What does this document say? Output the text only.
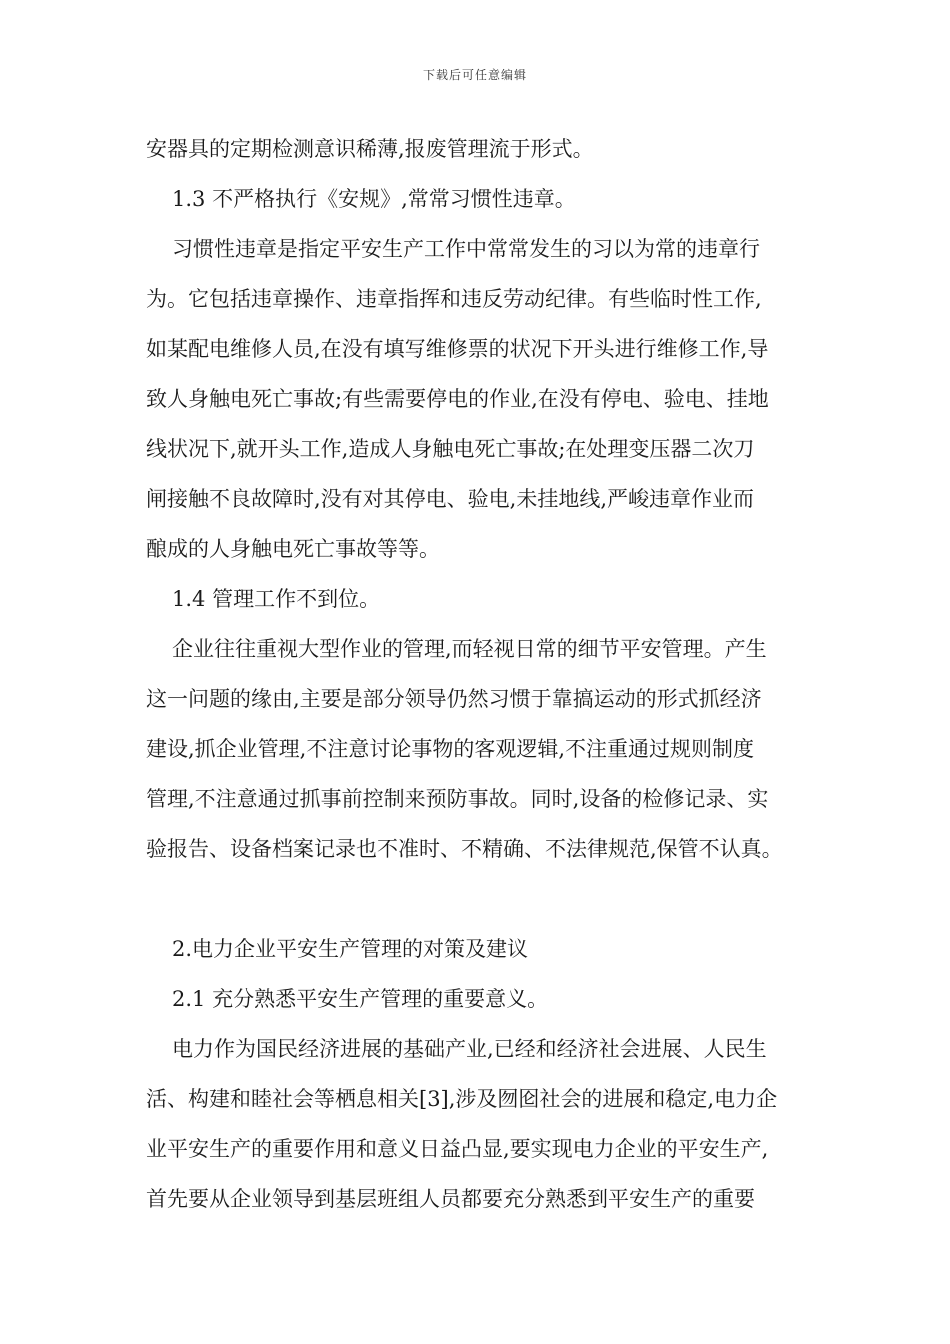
下载后可任意编辑
安器具的定期检测意识稀薄,报废管理流于形式。
1.3 不严格执行《安规》,常常习惯性违章。
习惯性违章是指定平安生产工作中常常发生的习以为常的违章行
为。它包括违章操作、违章指挥和违反劳动纪律。有些临时性工作,
如某配电维修人员,在没有填写维修票的状况下开头进行维修工作,导
致人身触电死亡事故;有些需要停电的作业,在没有停电、验电、挂地
线状况下,就开头工作,造成人身触电死亡事故;在处理变压器二次刀
闸接触不良故障时,没有对其停电、验电,未挂地线,严峻违章作业而
酿成的人身触电死亡事故等等。
1.4 管理工作不到位。
企业往往重视大型作业的管理,而轻视日常的细节平安管理。产生
这一问题的缘由,主要是部分领导仍然习惯于靠搞运动的形式抓经济
建设,抓企业管理,不注意讨论事物的客观逻辑,不注重通过规则制度
管理,不注意通过抓事前控制来预防事故。同时,设备的检修记录、实
验报告、设备档案记录也不准时、不精确、不法律规范,保管不认真。
2.电力企业平安生产管理的对策及建议
2.1 充分熟悉平安生产管理的重要意义。
电力作为国民经济进展的基础产业,已经和经济社会进展、人民生
活、构建和睦社会等栖息相关[3],涉及囫囵社会的进展和稳定,电力企
业平安生产的重要作用和意义日益凸显,要实现电力企业的平安生产,
首先要从企业领导到基层班组人员都要充分熟悉到平安生产的重要
